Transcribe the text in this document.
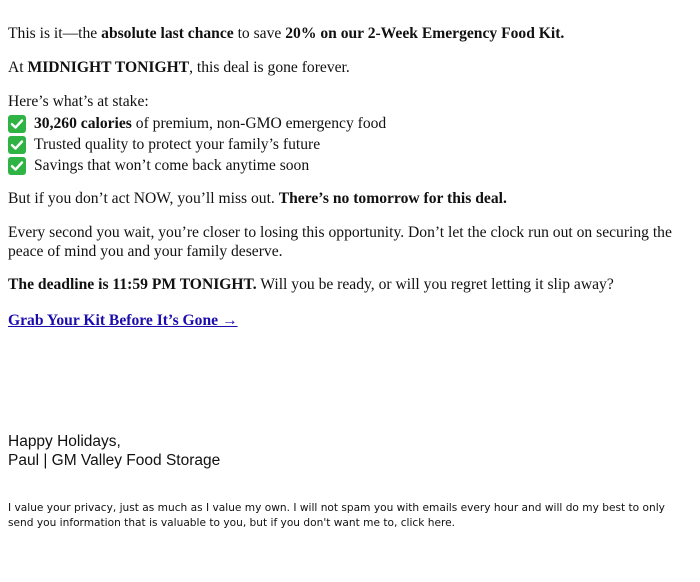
This is it—the absolute last chance to save 20% on our 2-Week Emergency Food Kit.

At MIDNIGHT TONIGHT, this deal is gone forever.

Here’s what’s at stake:

30,260 calories of premium, non-GMO emergency food
Trusted quality to protect your family’s future
Savings that won’t come back anytime soon

But if you don’t act NOW, you’ll miss out. There’s no tomorrow for this deal.

Every second you wait, you’re closer to losing this opportunity. Don’t let the clock run out on securing the peace of mind you and your family deserve.

The deadline is 11:59 PM TONIGHT. Will you be ready, or will you regret letting it slip away?

Grab Your Kit Before It’s Gone →
Happy Holidays,
Paul | GM Valley Food Storage
I value your privacy, just as much as I value my own. I will not spam you with emails every hour and will do my best to only send you information that is valuable to you, but if you don't want me to, click here.
